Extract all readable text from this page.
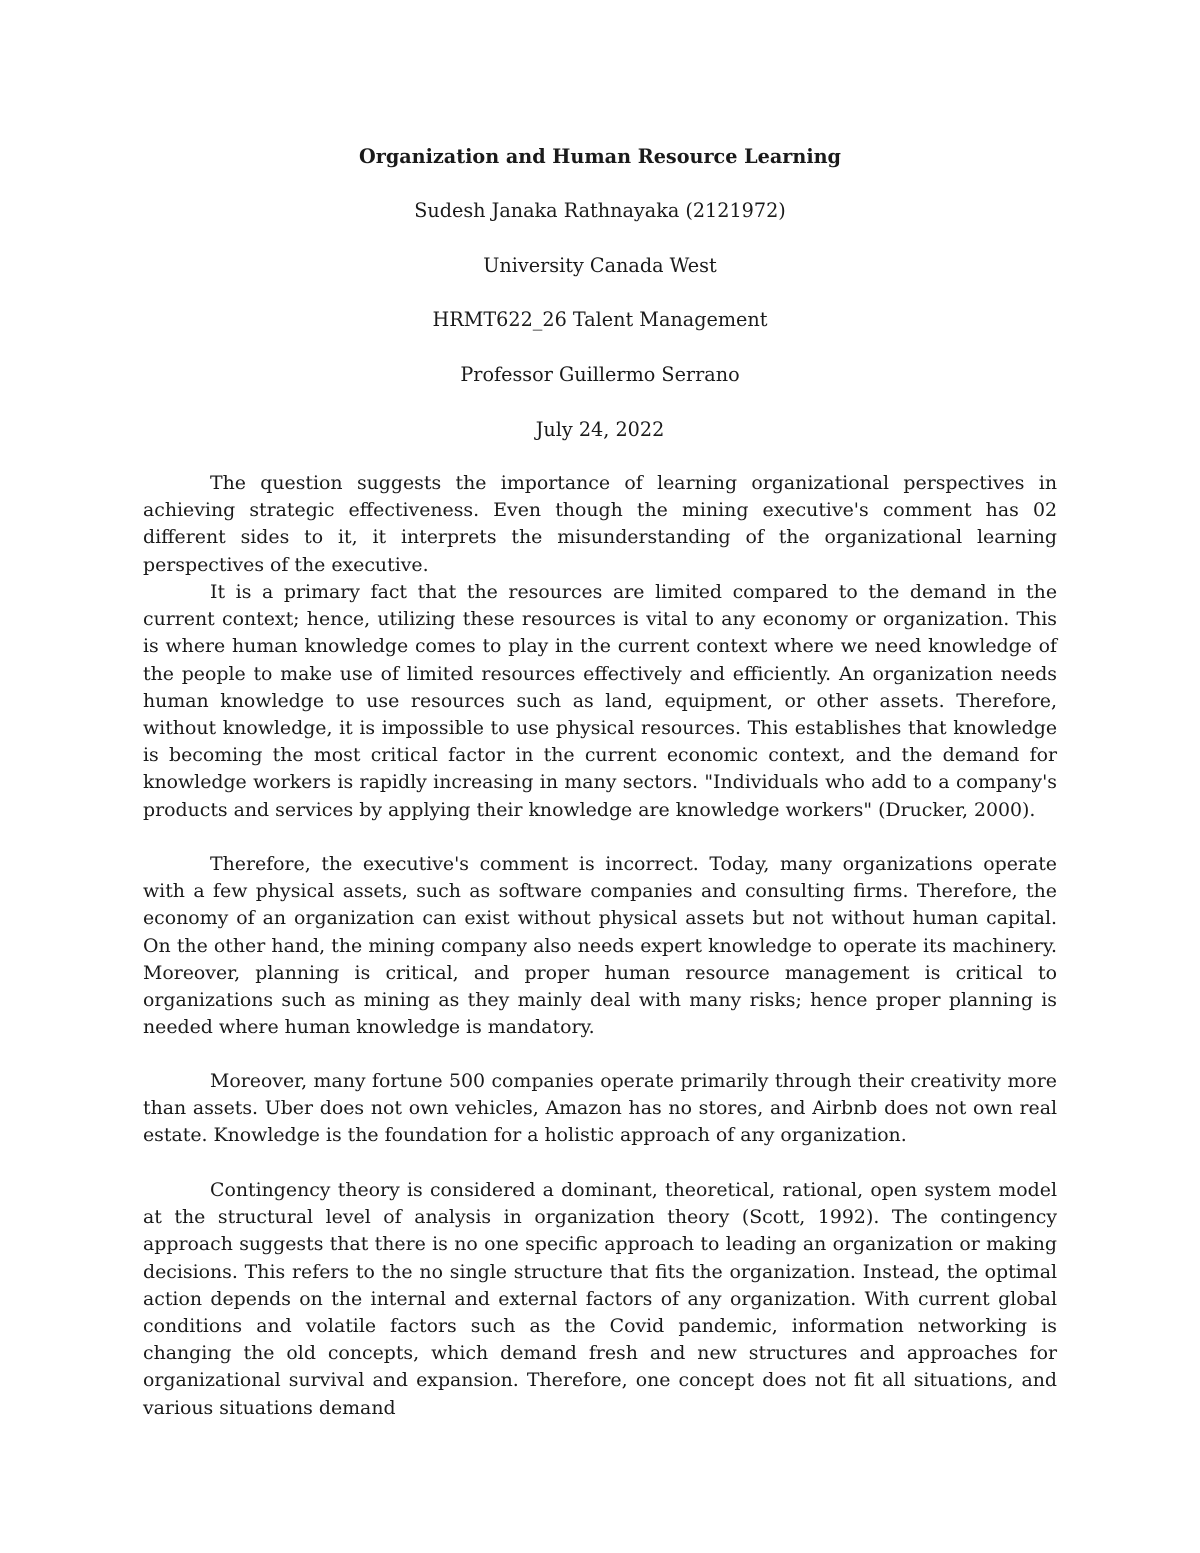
Organization and Human Resource Learning

Sudesh Janaka Rathnayaka (2121972)

University Canada West

HRMT622_26 Talent Management

Professor Guillermo Serrano

July 24, 2022

The question suggests the importance of learning organizational perspectives in achieving strategic effectiveness. Even though the mining executive's comment has 02 different sides to it, it interprets the misunderstanding of the organizational learning perspectives of the executive.

It is a primary fact that the resources are limited compared to the demand in the current context; hence, utilizing these resources is vital to any economy or organization. This is where human knowledge comes to play in the current context where we need knowledge of the people to make use of limited resources effectively and efficiently. An organization needs human knowledge to use resources such as land, equipment, or other assets. Therefore, without knowledge, it is impossible to use physical resources. This establishes that knowledge is becoming the most critical factor in the current economic context, and the demand for knowledge workers is rapidly increasing in many sectors. "Individuals who add to a company's products and services by applying their knowledge are knowledge workers" (Drucker, 2000).

Therefore, the executive's comment is incorrect. Today, many organizations operate with a few physical assets, such as software companies and consulting firms. Therefore, the economy of an organization can exist without physical assets but not without human capital. On the other hand, the mining company also needs expert knowledge to operate its machinery. Moreover, planning is critical, and proper human resource management is critical to organizations such as mining as they mainly deal with many risks; hence proper planning is needed where human knowledge is mandatory.

Moreover, many fortune 500 companies operate primarily through their creativity more than assets. Uber does not own vehicles, Amazon has no stores, and Airbnb does not own real estate. Knowledge is the foundation for a holistic approach of any organization.

Contingency theory is considered a dominant, theoretical, rational, open system model at the structural level of analysis in organization theory (Scott, 1992). The contingency approach suggests that there is no one specific approach to leading an organization or making decisions. This refers to the no single structure that fits the organization. Instead, the optimal action depends on the internal and external factors of any organization. With current global conditions and volatile factors such as the Covid pandemic, information networking is changing the old concepts, which demand fresh and new structures and approaches for organizational survival and expansion. Therefore, one concept does not fit all situations, and various situations demand
